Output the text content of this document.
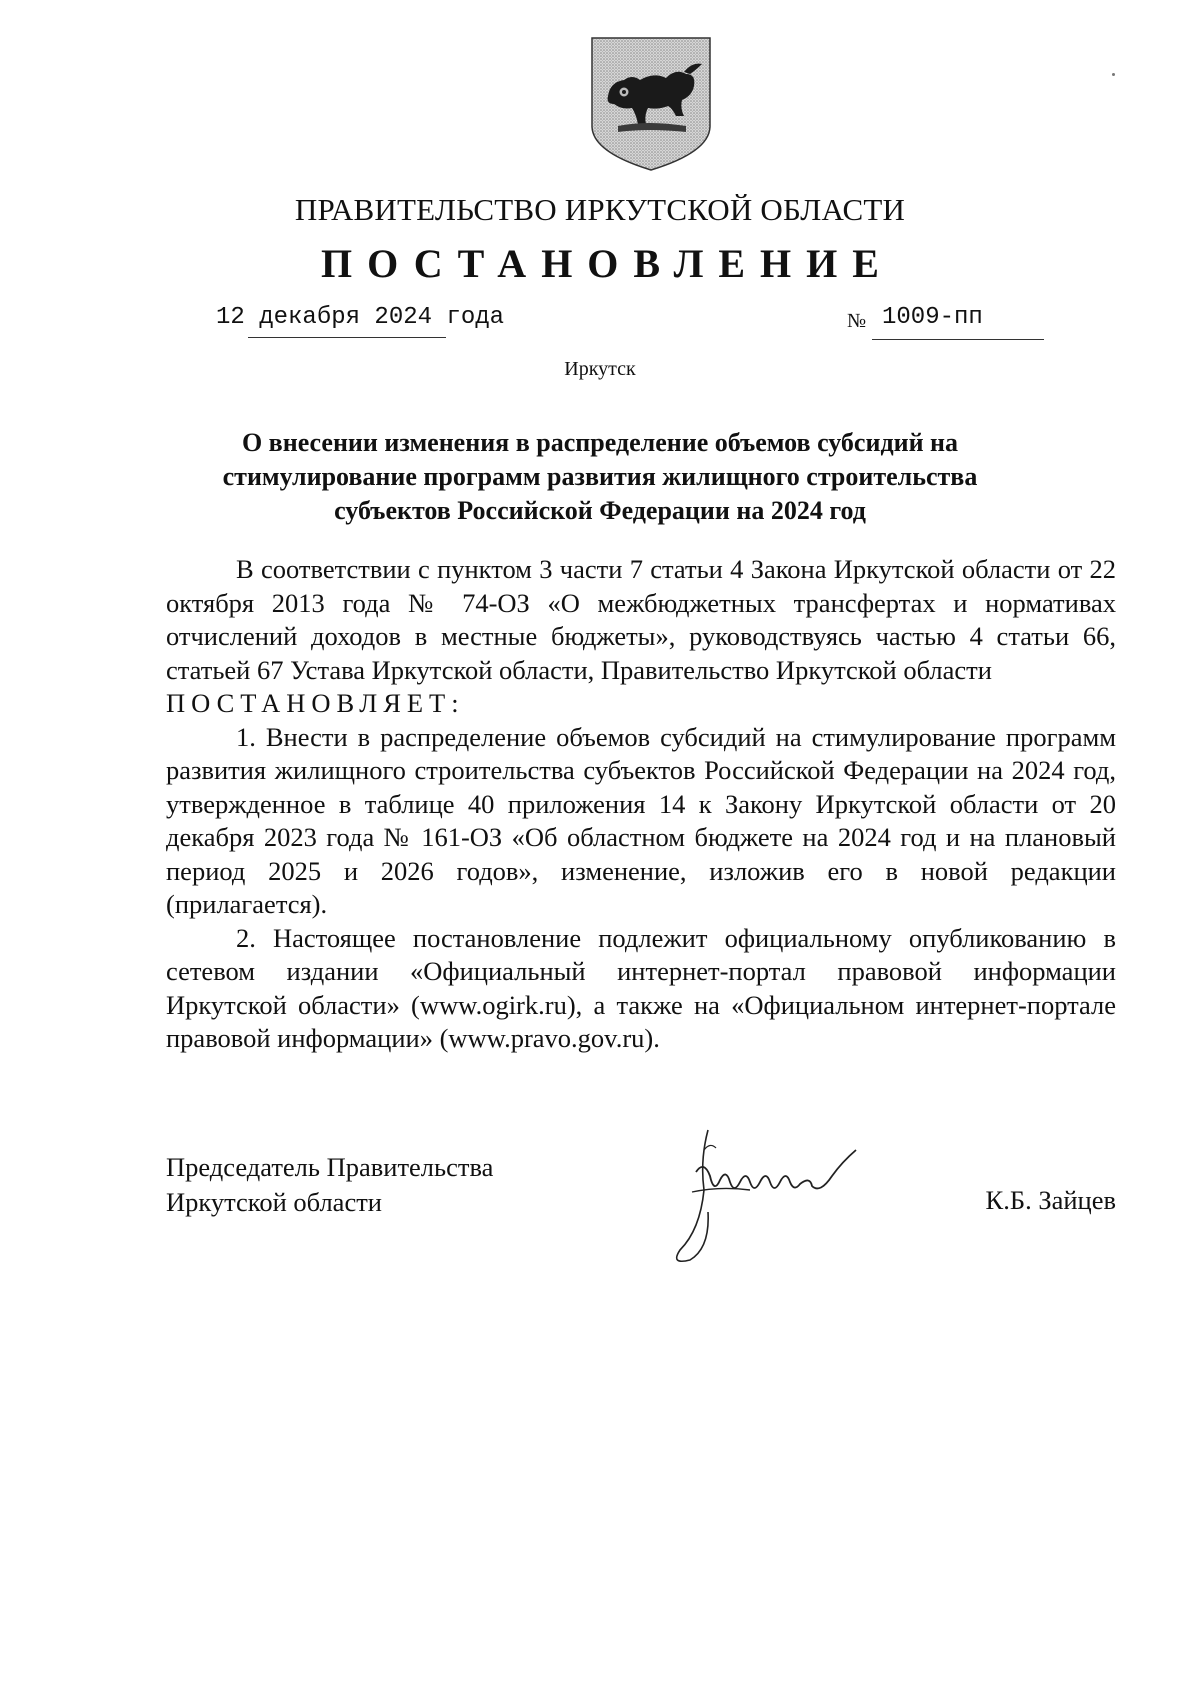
ПРАВИТЕЛЬСТВО ИРКУТСКОЙ ОБЛАСТИ
ПОСТАНОВЛЕНИЕ
12 декабря 2024 года	№ 1009-пп
Иркутск
О внесении изменения в распределение объемов субсидий на
стимулирование программ развития жилищного строительства
субъектов Российской Федерации на 2024 год

В соответствии с пунктом 3 части 7 статьи 4 Закона Иркутской области от 22 октября 2013 года № 74-ОЗ «О межбюджетных трансфертах и нормативах отчислений доходов в местные бюджеты», руководствуясь частью 4 статьи 66, статьей 67 Устава Иркутской области, Правительство Иркутской области

ПОСТАНОВЛЯЕТ:

1. Внести в распределение объемов субсидий на стимулирование программ развития жилищного строительства субъектов Российской Федерации на 2024 год, утвержденное в таблице 40 приложения 14 к Закону Иркутской области от 20 декабря 2023 года № 161-ОЗ «Об областном бюджете на 2024 год и на плановый период 2025 и 2026 годов», изменение, изложив его в новой редакции (прилагается).

2. Настоящее постановление подлежит официальному опубликованию в сетевом издании «Официальный интернет-портал правовой информации Иркутской области» (www.ogirk.ru), а также на «Официальном интернет-портале правовой информации» (www.pravo.gov.ru).

Председатель Правительства
Иркутской области	К.Б. Зайцев
